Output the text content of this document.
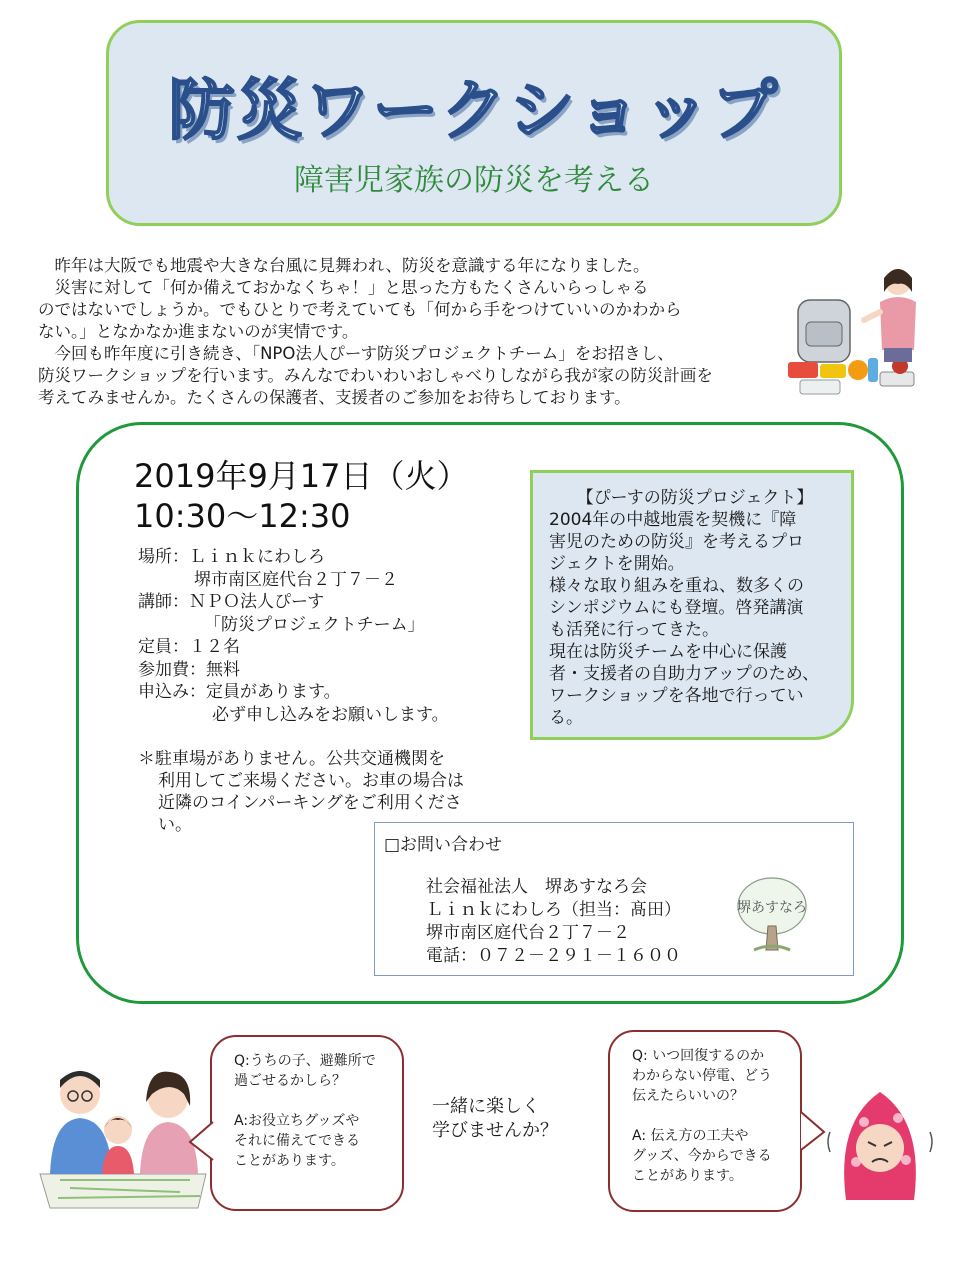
防災ワークショップ
障害児家族の防災を考える

　昨年は大阪でも地震や大きな台風に見舞われ、防災を意識する年になりました。

　災害に対して「何か備えておかなくちゃ！」と思った方もたくさんいらっしゃる

のではないでしょうか。でもひとりで考えていても「何から手をつけていいのかわから

ない。」となかなか進まないのが実情です。

　今回も昨年度に引き続き、「NPO法人ぴーす防災プロジェクトチーム」をお招きし、

防災ワークショップを行います。みんなでわいわいおしゃべりしながら我が家の防災計画を

考えてみませんか。たくさんの保護者、支援者のご参加をお待ちしております。

2019年9月17日（火）
10:30～12:30
場所：Ｌｉｎｋにわしろ
堺市南区庭代台２丁７－２
講師：ＮＰＯ法人ぴーす
「防災プロジェクトチーム」
定員：１２名
参加費：無料
申込み：定員があります。
必ず申し込みをお願いします。
＊駐車場がありません。公共交通機関を
利用してご来場ください。お車の場合は
近隣のコインパーキングをご利用くださ
い。
【ぴーすの防災プロジェクト】
2004年の中越地震を契機に『障
害児のための防災』を考えるプロ
ジェクトを開始。
様々な取り組みを重ね、数多くの
シンポジウムにも登壇。啓発講演
も活発に行ってきた。
現在は防災チームを中心に保護
者・支援者の自助力アップのため、
ワークショップを各地で行ってい
る。
□お問い合わせ
社会福祉法人　堺あすなろ会
Ｌｉｎｋにわしろ（担当：髙田）
堺市南区庭代台２丁７－２
電話：０７２－２９１－１６００
堺あすなろ

Q:うちの子、避難所で

過ごせるかしら？

A:お役立ちグッズや

それに備えてできる

ことがあります。

一緒に楽しく
学びませんか？

Q: いつ回復するのか

わからない停電、どう

伝えたらいいの？

A: 伝え方の工夫や

グッズ、今からできる

ことがあります。
